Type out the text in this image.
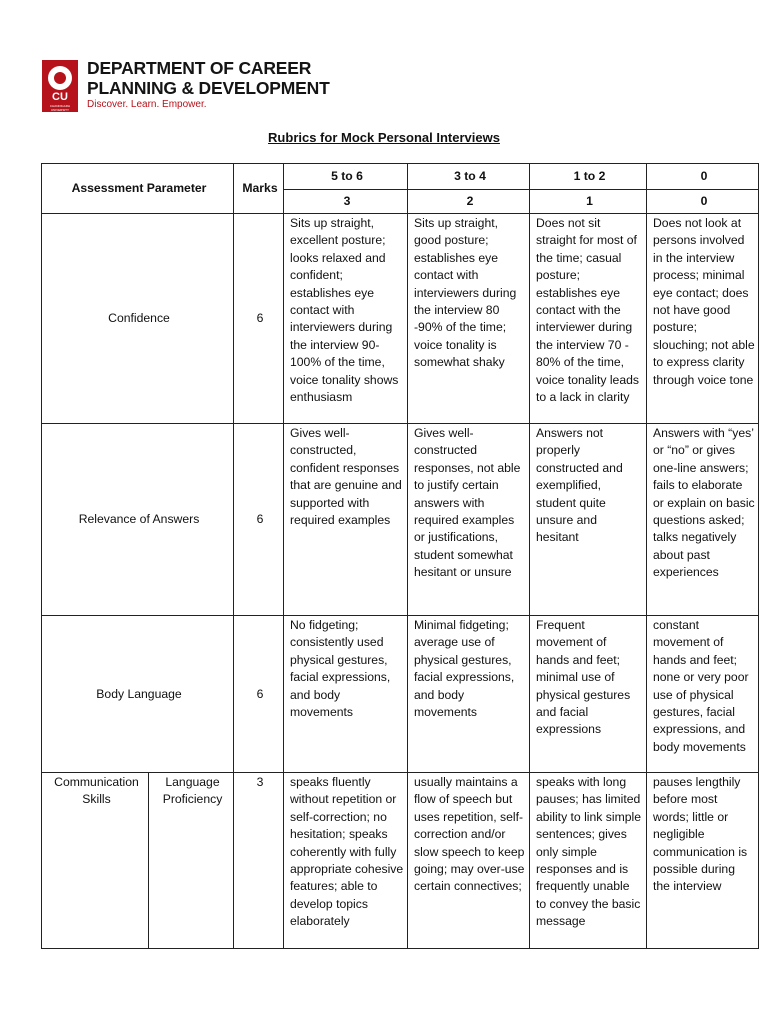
CU
CHANDIGARH UNIVERSITY
DEPARTMENT OF CAREER
PLANNING & DEVELOPMENT
Discover. Learn. Empower.
Rubrics for Mock Personal Interviews
Assessment Parameter		Marks	5 to 6	3 to 4	1 to 2	0
			3	2	1	0
Confidence		6	Sits up straight, excellent posture; looks relaxed and confident; establishes eye contact with interviewers during the interview 90-100% of the time, voice tonality shows enthusiasm	Sits up straight, good posture; establishes eye contact with interviewers during the interview 80 -90% of the time; voice tonality is somewhat shaky	Does not sit straight for most of the time; casual posture; establishes eye contact with the interviewer during the interview 70 - 80% of the time, voice tonality leads to a lack in clarity	Does not look at persons involved in the interview process; minimal eye contact; does not have good posture; slouching; not able to express clarity through voice tone
Relevance of Answers		6	Gives well-constructed, confident responses that are genuine and supported with required examples	Gives well-constructed responses, not able to justify certain answers with required examples or justifications, student somewhat hesitant or unsure	Answers not properly constructed and exemplified, student quite unsure and hesitant	Answers with “yes’ or “no” or gives one-line answers; fails to elaborate or explain on basic questions asked; talks negatively about past experiences
Body Language		6	No fidgeting; consistently used physical gestures, facial expressions, and body movements	Minimal fidgeting; average use of physical gestures, facial expressions, and body movements	Frequent movement of hands and feet; minimal use of physical gestures and facial expressions	constant movement of hands and feet; none or very poor use of physical gestures, facial expressions, and body movements
Communication Skills	Language Proficiency	3	speaks fluently without repetition or self-correction; no hesitation; speaks coherently with fully appropriate cohesive features; able to develop topics elaborately	usually maintains a flow of speech but uses repetition, self-correction and/or slow speech to keep going; may over-use certain connectives;	speaks with long pauses; has limited ability to link simple sentences; gives only simple responses and is frequently unable to convey the basic message	pauses lengthily before most words; little or negligible communication is possible during the interview
